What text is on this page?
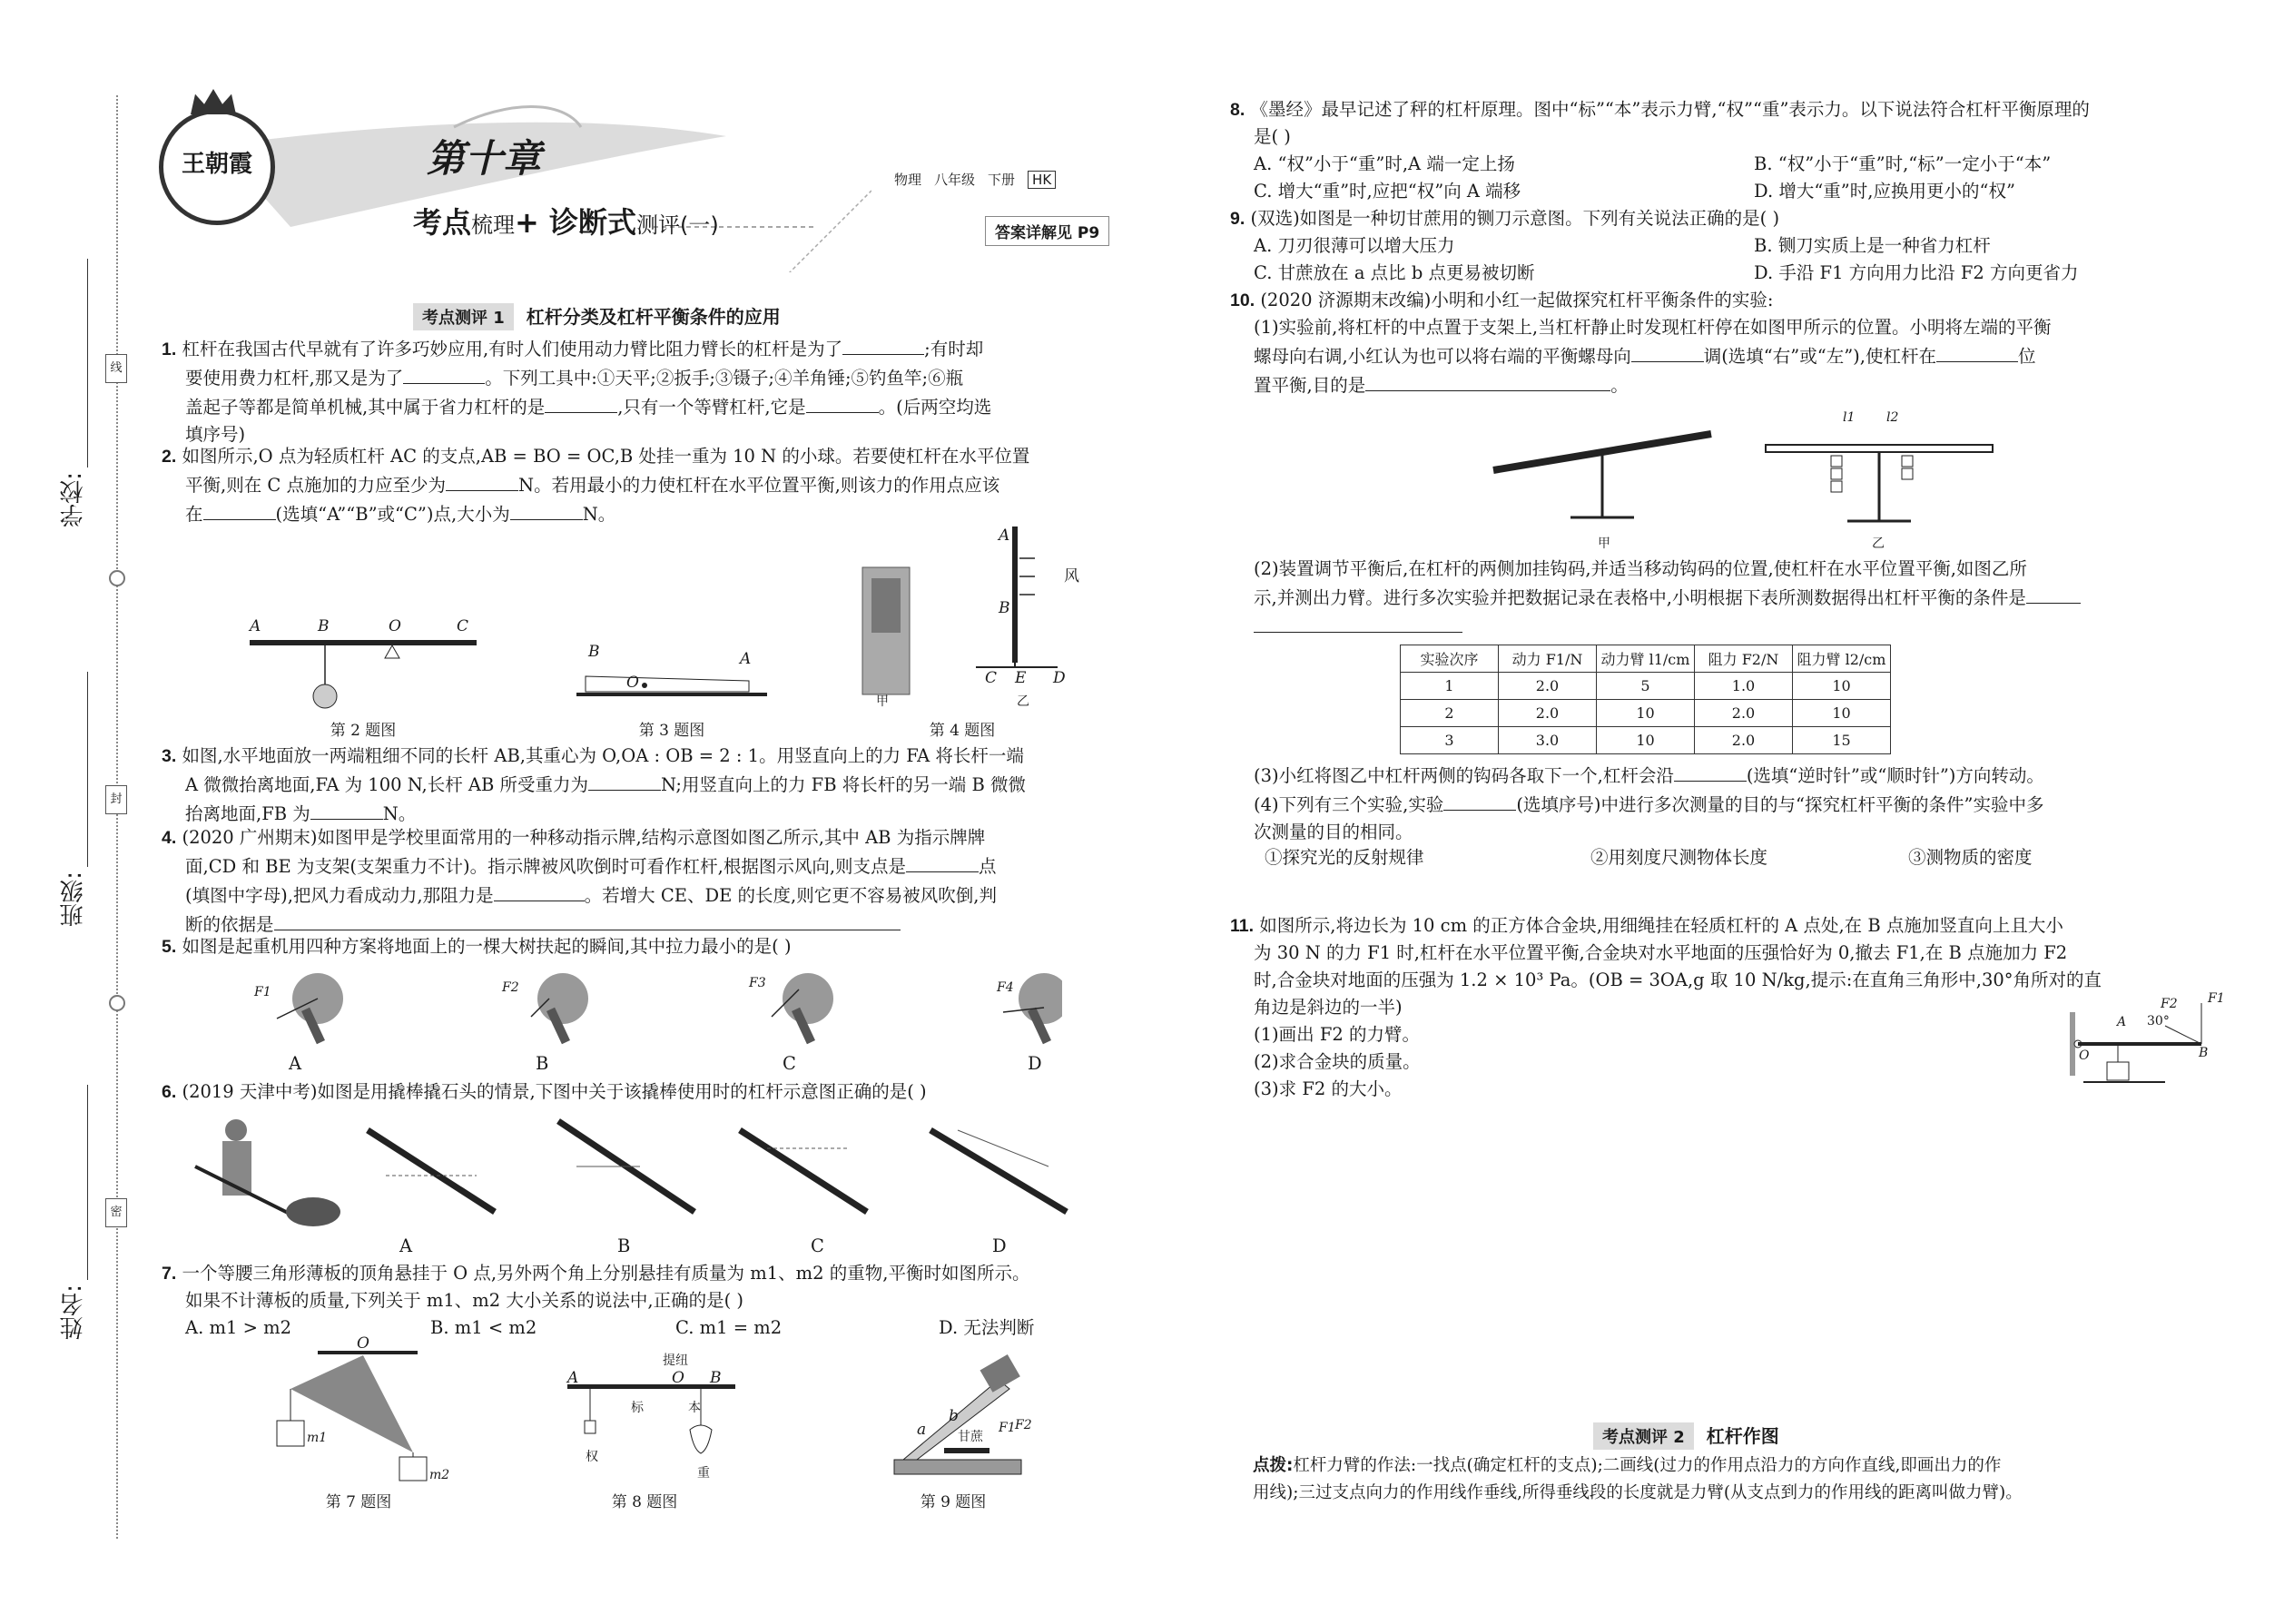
学校:
班级:
姓名:
线
封
密
王朝霞	第十章
考点梳理+ 诊断式测评(一)
物理 八年级 下册 HK
答案详解见 P9
考点测评 1 杠杆分类及杠杆平衡条件的应用
1. 杠杆在我国古代早就有了许多巧妙应用,有时人们使用动力臂比阻力臂长的杠杆是为了	;有时却
要使用费力杠杆,那又是为了	。下列工具中:①天平;②扳手;③镊子;④羊角锤;⑤钓鱼竿;⑥瓶
盖起子等都是简单机械,其中属于省力杠杆的是	,只有一个等臂杠杆,它是	。(后两空均选
填序号)
2. 如图所示,O 点为轻质杠杆 AC 的支点,AB = BO = OC,B 处挂一重为 10 N 的小球。若要使杠杆在水平位置
平衡,则在 C 点施加的力应至少为	N。若用最小的力使杠杆在水平位置平衡,则该力的作用点应该
在	(选填“A”“B”或“C”)点,大小为	N。
A	B	O	C
第 2 题图
B
O
A
第 3 题图
A
B
风
C E D
甲	乙
第 4 题图
3. 如图,水平地面放一两端粗细不同的长杆 AB,其重心为 O,OA : OB = 2 : 1。用竖直向上的力 FA 将长杆一端
A 微微抬离地面,FA 为 100 N,长杆 AB 所受重力为	N;用竖直向上的力 FB 将长杆的另一端 B 微微
抬离地面,FB 为	N。
4. (2020 广州期末)如图甲是学校里面常用的一种移动指示牌,结构示意图如图乙所示,其中 AB 为指示牌牌
面,CD 和 BE 为支架(支架重力不计)。指示牌被风吹倒时可看作杠杆,根据图示风向,则支点是	点
(填图中字母),把风力看成动力,那阻力是	。若增大 CE、DE 的长度,则它更不容易被风吹倒,判
断的依据是
5. 如图是起重机用四种方案将地面上的一棵大树扶起的瞬间,其中拉力最小的是( )
F1	F2	F3	F4
A	B	C	D
6. (2019 天津中考)如图是用撬棒撬石头的情景,下图中关于该撬棒使用时的杠杆示意图正确的是( )
A	B	C	D
7. 一个等腰三角形薄板的顶角悬挂于 O 点,另外两个角上分别悬挂有质量为 m1、m2 的重物,平衡时如图所示。
如果不计薄板的质量,下列关于 m1、m2 大小关系的说法中,正确的是( )
A. m1 > m2	B. m1 < m2	C. m1 = m2	D. 无法判断
O
m1
m2
第 7 题图
提纽
A	O B
标	本
权
重
第 8 题图
a
b
甘蔗
F1 F2
第 9 题图
8. 《墨经》最早记述了秤的杠杆原理。图中“标”“本”表示力臂,“权”“重”表示力。以下说法符合杠杆平衡原理的
是( )
A. “权”小于“重”时,A 端一定上扬	B. “权”小于“重”时,“标”一定小于“本”
C. 增大“重”时,应把“权”向 A 端移	D. 增大“重”时,应换用更小的“权”
9. (双选)如图是一种切甘蔗用的铡刀示意图。下列有关说法正确的是( )
A. 刀刃很薄可以增大压力	B. 铡刀实质上是一种省力杠杆
C. 甘蔗放在 a 点比 b 点更易被切断	D. 手沿 F1 方向用力比沿 F2 方向更省力
10. (2020 济源期末改编)小明和小红一起做探究杠杆平衡条件的实验:
(1)实验前,将杠杆的中点置于支架上,当杠杆静止时发现杠杆停在如图甲所示的位置。小明将左端的平衡
螺母向右调,小红认为也可以将右端的平衡螺母向	调(选填“右”或“左”),使杠杆在	位
置平衡,目的是	。
甲
l1 l2
乙
(2)装置调节平衡后,在杠杆的两侧加挂钩码,并适当移动钩码的位置,使杠杆在水平位置平衡,如图乙所
示,并测出力臂。进行多次实验并把数据记录在表格中,小明根据下表所测数据得出杠杆平衡的条件是
实验次序	动力 F1/N	动力臂 l1/cm	阻力 F2/N	阻力臂 l2/cm
1	2.0	5	1.0	10
2	2.0	10	2.0	10
3	3.0	10	2.0	15
(3)小红将图乙中杠杆两侧的钩码各取下一个,杠杆会沿	(选填“逆时针”或“顺时针”)方向转动。
(4)下列有三个实验,实验	(选填序号)中进行多次测量的目的与“探究杠杆平衡的条件”实验中多
次测量的目的相同。
①探究光的反射规律	②用刻度尺测物体长度	③测物质的密度
11. 如图所示,将边长为 10 cm 的正方体合金块,用细绳挂在轻质杠杆的 A 点处,在 B 点施加竖直向上且大小
为 30 N 的力 F1 时,杠杆在水平位置平衡,合金块对水平地面的压强恰好为 0,撤去 F1,在 B 点施加力 F2
时,合金块对地面的压强为 1.2 × 10³ Pa。(OB = 3OA,g 取 10 N/kg,提示:在直角三角形中,30°角所对的直
角边是斜边的一半)
(1)画出 F2 的力臂。
(2)求合金块的质量。
(3)求 F2 的大小。
F2 F1
A 30°
O	B
考点测评 2 杠杆作图
点拨:杠杆力臂的作法:一找点(确定杠杆的支点);二画线(过力的作用点沿力的方向作直线,即画出力的作
用线);三过支点向力的作用线作垂线,所得垂线段的长度就是力臂(从支点到力的作用线的距离叫做力臂)。
